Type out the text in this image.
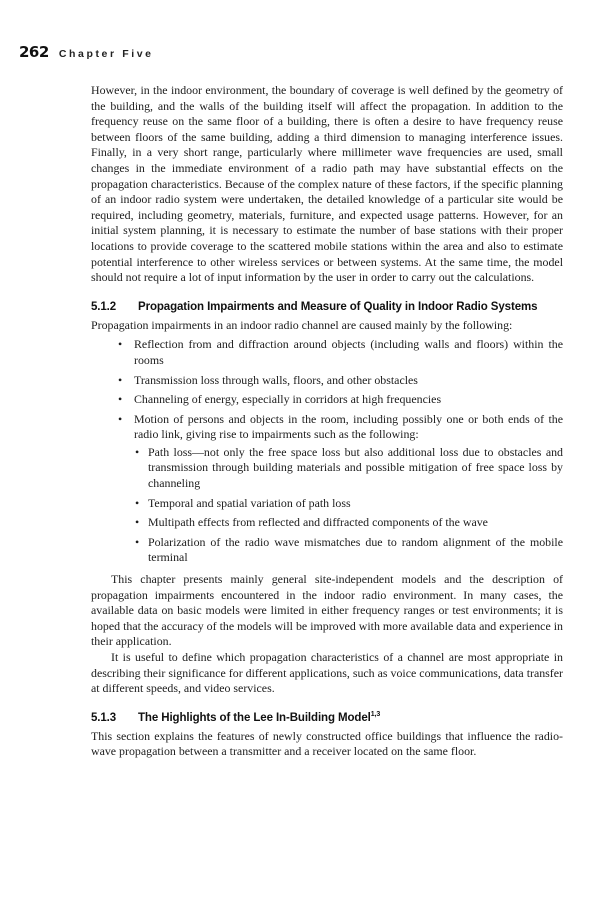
262 Chapter Five

However, in the indoor environment, the boundary of coverage is well defined by the geometry of the building, and the walls of the building itself will affect the propagation. In addition to the frequency reuse on the same floor of a building, there is often a desire to have frequency reuse between floors of the same building, adding a third dimension to managing interference issues. Finally, in a very short range, particularly where millimeter wave frequencies are used, small changes in the immediate environment of a radio path may have substantial effects on the propagation characteristics. Because of the complex nature of these factors, if the specific planning of an indoor radio system were undertaken, the detailed knowledge of a particular site would be required, including geometry, materials, furniture, and expected usage patterns. However, for an initial system planning, it is necessary to estimate the number of base stations with their proper locations to provide coverage to the scattered mobile stations within the area and also to estimate potential interference to other wireless services or between systems. At the same time, the model should not require a lot of input information by the user in order to carry out the calculations.

5.1.2	Propagation Impairments and Measure of Quality in Indoor Radio Systems

Propagation impairments in an indoor radio channel are caused mainly by the following:

• Reflection from and diffraction around objects (including walls and floors) within the rooms
• Transmission loss through walls, floors, and other obstacles
• Channeling of energy, especially in corridors at high frequencies
• Motion of persons and objects in the room, including possibly one or both ends of the radio link, giving rise to impairments such as the following:
• Path loss—not only the free space loss but also additional loss due to obstacles and transmission through building materials and possible mitigation of free space loss by channeling
• Temporal and spatial variation of path loss
• Multipath effects from reflected and diffracted components of the wave
• Polarization of the radio wave mismatches due to random alignment of the mobile terminal

This chapter presents mainly general site-independent models and the description of propagation impairments encountered in the indoor radio environment. In many cases, the available data on basic models were limited in either frequency ranges or test environments; it is hoped that the accuracy of the models will be improved with more available data and experience in their application.

It is useful to define which propagation characteristics of a channel are most appropriate in describing their significance for different applications, such as voice communications, data transfer at different speeds, and video services.

5.1.3	The Highlights of the Lee In-Building Model$^{1,3}$

This section explains the features of newly constructed office buildings that influence the radio-wave propagation between a transmitter and a receiver located on the same floor.
